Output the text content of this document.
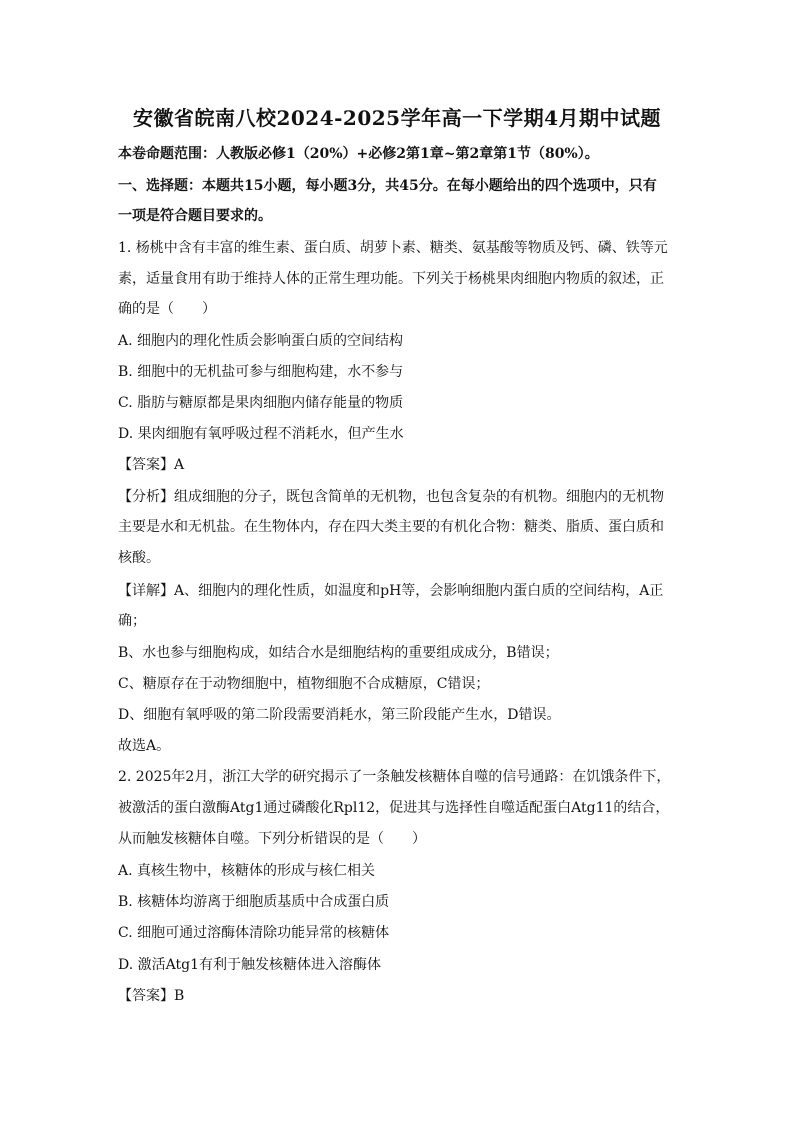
安徽省皖南八校2024-2025学年高一下学期4月期中试题
本卷命题范围：人教版必修1（20%）+必修2第1章~第2章第1节（80%）。
一、选择题：本题共15小题，每小题3分，共45分。在每小题给出的四个选项中，只有
一项是符合题目要求的。
1. 杨桃中含有丰富的维生素、蛋白质、胡萝卜素、糖类、氨基酸等物质及钙、磷、铁等元
素，适量食用有助于维持人体的正常生理功能。下列关于杨桃果肉细胞内物质的叙述，正
确的是（　　）
A. 细胞内的理化性质会影响蛋白质的空间结构
B. 细胞中的无机盐可参与细胞构建，水不参与
C. 脂肪与糖原都是果肉细胞内储存能量的物质
D. 果肉细胞有氧呼吸过程不消耗水，但产生水
【答案】A
【分析】组成细胞的分子，既包含简单的无机物，也包含复杂的有机物。细胞内的无机物
主要是水和无机盐。在生物体内，存在四大类主要的有机化合物：糖类、脂质、蛋白质和
核酸。
【详解】A、细胞内的理化性质，如温度和pH等，会影响细胞内蛋白质的空间结构，A正
确；
B、水也参与细胞构成，如结合水是细胞结构的重要组成成分，B错误；
C、糖原存在于动物细胞中，植物细胞不合成糖原，C错误；
D、细胞有氧呼吸的第二阶段需要消耗水，第三阶段能产生水，D错误。
故选A。
2. 2025年2月，浙江大学的研究揭示了一条触发核糖体自噬的信号通路：在饥饿条件下，
被激活的蛋白激酶Atg1通过磷酸化Rpl12，促进其与选择性自噬适配蛋白Atg11的结合，
从而触发核糖体自噬。下列分析错误的是（　　）
A. 真核生物中，核糖体的形成与核仁相关
B. 核糖体均游离于细胞质基质中合成蛋白质
C. 细胞可通过溶酶体清除功能异常的核糖体
D. 激活Atg1有利于触发核糖体进入溶酶体
【答案】B
